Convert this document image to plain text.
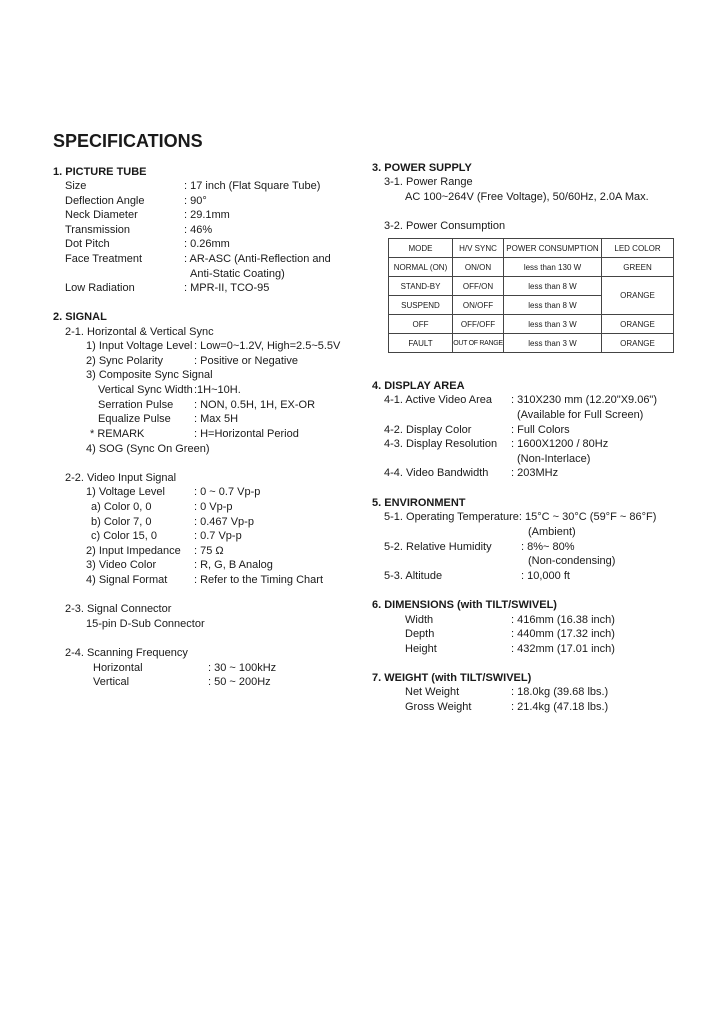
SPECIFICATIONS
1. PICTURE TUBE
Size	: 17 inch (Flat Square Tube)
Deflection Angle	: 90°
Neck Diameter	: 29.1mm
Transmission	: 46%
Dot Pitch	: 0.26mm
Face Treatment	: AR-ASC (Anti-Reflection and
Anti-Static Coating)
Low Radiation	: MPR-II, TCO-95
2. SIGNAL
2-1. Horizontal & Vertical Sync
1) Input Voltage Level : Low=0~1.2V, High=2.5~5.5V
2) Sync Polarity	: Positive or Negative
3) Composite Sync Signal
Vertical Sync Width :1H~10H.
Serration Pulse : NON, 0.5H, 1H, EX-OR
Equalize Pulse : Max 5H
* REMARK	: H=Horizontal Period
4) SOG (Sync On Green)
2-2. Video Input Signal
1) Voltage Level	: 0 ~ 0.7 Vp-p
a) Color 0, 0	: 0 Vp-p
b) Color 7, 0	: 0.467 Vp-p
c) Color 15, 0	: 0.7 Vp-p
2) Input Impedance : 75 Ω
3) Video Color	: R, G, B Analog
4) Signal Format : Refer to the Timing Chart
2-3. Signal Connector
15-pin D-Sub Connector
2-4. Scanning Frequency
Horizontal	: 30 ~ 100kHz
Vertical	: 50 ~ 200Hz
3. POWER SUPPLY
3-1. Power Range
AC 100~264V (Free Voltage), 50/60Hz, 2.0A Max.
3-2. Power Consumption
MODE	H/V SYNC	POWER CONSUMPTION	LED COLOR
NORMAL (ON)	ON/ON	less than 130 W	GREEN
STAND-BY	OFF/ON	less than 8 W	ORANGE
SUSPEND	ON/OFF	less than 8 W	
OFF	OFF/OFF	less than 3 W	ORANGE
FAULT	OUT OF RANGE	less than 3 W	ORANGE
4. DISPLAY AREA
4-1. Active Video Area : 310X230 mm (12.20"X9.06")
(Available for Full Screen)
4-2. Display Color	: Full Colors
4-3. Display Resolution : 1600X1200 / 80Hz
(Non-Interlace)
4-4. Video Bandwidth : 203MHz
5. ENVIRONMENT
5-1. Operating Temperature: 15°C ~ 30°C (59°F ~ 86°F)
(Ambient)
5-2. Relative Humidity	: 8%~ 80%
(Non-condensing)
5-3. Altitude	: 10,000 ft
6. DIMENSIONS (with TILT/SWIVEL)
Width	: 416mm (16.38 inch)
Depth	: 440mm (17.32 inch)
Height	: 432mm (17.01 inch)
7. WEIGHT (with TILT/SWIVEL)
Net Weight	: 18.0kg (39.68 lbs.)
Gross Weight	: 21.4kg (47.18 lbs.)
